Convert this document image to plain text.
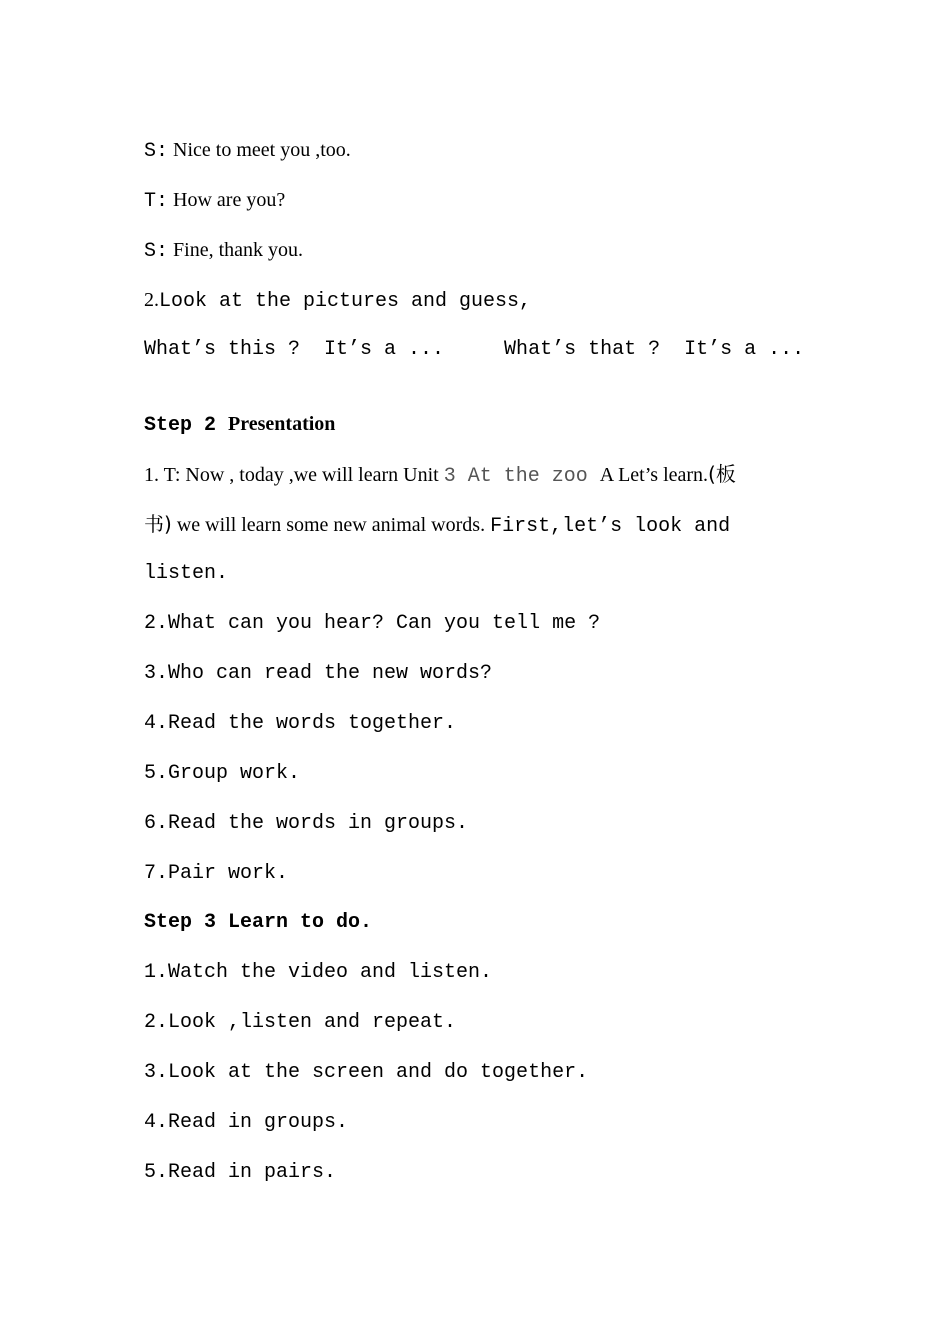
S: Nice to meet you ,too.
T: How are you?
S: Fine, thank you.
2.Look at the pictures and guess,
What’s this ?  It’s a ...     What’s that ?  It’s a ...
Step 2 Presentation
1. T: Now , today ,we will learn Unit 3 At the zoo A Let’s learn.(板
书) we will learn some new animal words. First,let’s look and
listen.
2.What can you hear? Can you tell me ?
3.Who can read the new words?
4.Read the words together.
5.Group work.
6.Read the words in groups.
7.Pair work.
Step 3 Learn to do.
1.Watch the video and listen.
2.Look ,listen and repeat.
3.Look at the screen and do together.
4.Read in groups.
5.Read in pairs.
